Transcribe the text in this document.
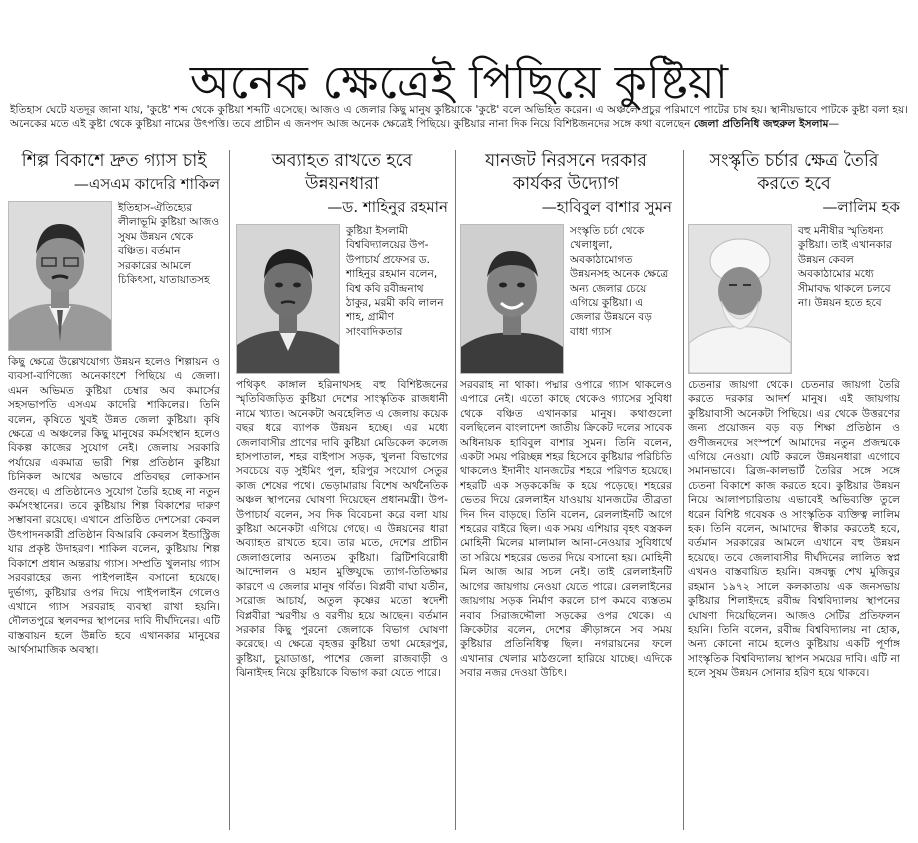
অনেক ক্ষেত্রেই পিছিয়ে কুষ্টিয়া

ইতিহাস ঘেটে যতদূর জানা যায়, 'কুষ্টে' শব্দ থেকে কুষ্টিয়া শব্দটি এসেছে। আজও এ জেলার কিছু মানুষ কুষ্টিয়াকে 'কুষ্টে' বলে অভিহিত করেন। এ অঞ্চলে প্রচুর পরিমাণে পাটের চাষ হয়। স্থানীয়ভাবে পাটকে কুষ্টা বলা হয়। অনেকের মতে এই কুষ্টা থেকে কুষ্টিয়া নামের উৎপত্তি। তবে প্রাচীন এ জনপদ আজ অনেক ক্ষেত্রেই পিছিয়ে। কুষ্টিয়ার নানা দিক নিয়ে বিশিষ্টজনদের সঙ্গে কথা বলেছেন জেলা প্রতিনিধি জহুরুল ইসলাম—

শিল্প বিকাশে দ্রুত গ্যাস চাই

—এসএম কাদেরি শাকিল

ইতিহাস-ঐতিহ্যের লীলাভূমি কুষ্টিয়া আজও সুষম উন্নয়ন থেকে বঞ্চিত। বর্তমান সরকারের আমলে চিকিৎসা, যাতায়াতসহ

কিছু ক্ষেত্রে উল্লেখযোগ্য উন্নয়ন হলেও শিল্পায়ন ও ব্যবসা-বাণিজ্যে অনেকাংশে পিছিয়ে এ জেলা। এমন অভিমত কুষ্টিয়া চেম্বার অব কমার্সের সহসভাপতি এসএম কাদেরি শাকিলের। তিনি বলেন, কৃষিতে খুবই উন্নত জেলা কুষ্টিয়া। কৃষি ক্ষেত্রে এ অঞ্চলের কিছু মানুষের কর্মসংস্থান হলেও বিকল্প কাজের সুযোগ নেই। জেলায় সরকারি পর্যায়ের একমাত্র ভারী শিল্প প্রতিষ্ঠান কুষ্টিয়া চিনিকল আখের অভাবে প্রতিবছর লোকসান গুনছে। এ প্রতিষ্ঠানেও সুযোগ তৈরি হচ্ছে না নতুন কর্মসংস্থানের। তবে কুষ্টিয়ায় শিল্প বিকাশের দারুণ সম্ভাবনা রয়েছে। এখানে প্রতিষ্ঠিত দেশসেরা কেবল উৎপাদনকারী প্রতিষ্ঠান বিআরবি কেবলস ইন্ডাস্ট্রিজ যার প্রকৃষ্ট উদাহরণ। শাকিল বলেন, কুষ্টিয়ায় শিল্প বিকাশে প্রধান অন্তরায় গ্যাস। সম্প্রতি খুলনায় গ্যাস সরবরাহের জন্য পাইপলাইন বসানো হয়েছে। দুর্ভাগ্য, কুষ্টিয়ার ওপর দিয়ে পাইপলাইন গেলেও এখানে গ্যাস সরবরাহ ব্যবস্থা রাখা হয়নি। দৌলতপুরে স্থলবন্দর স্থাপনের দাবি দীর্ঘদিনের। এটি বাস্তবায়ন হলে উন্নতি হবে এখানকার মানুষের আর্থসামাজিক অবস্থা।

অব্যাহত রাখতে হবে উন্নয়নধারা

—ড. শাহিনুর রহমান

কুষ্টিয়া ইসলামী বিশ্ববিদ্যালয়ের উপ-উপাচার্য প্রফেসর ড. শাহিনুর রহমান বলেন, বিশ্ব কবি রবীন্দ্রনাথ ঠাকুর, মরমী কবি লালন শাহ, গ্রামীণ সাংবাদিকতার

পথিকৃৎ কাঙ্গাল হরিনাথসহ বহু বিশিষ্টজনের স্মৃতিবিজড়িত কুষ্টিয়া দেশের সাংস্কৃতিক রাজধানী নামে খ্যাত। অনেকটা অবহেলিত এ জেলায় কয়েক বছর ধরে ব্যাপক উন্নয়ন হচ্ছে। এর মধ্যে জেলাবাসীর প্রাণের দাবি কুষ্টিয়া মেডিকেল কলেজ হাসপাতাল, শহর বাইপাস সড়ক, খুলনা বিভাগের সবচেয়ে বড় সুইমিং পুল, হরিপুর সংযোগ সেতুর কাজ শেষের পথে। ভেড়ামারায় বিশেষ অর্থনৈতিক অঞ্চল স্থাপনের ঘোষণা দিয়েছেন প্রধানমন্ত্রী। উপ-উপাচার্য বলেন, সব দিক বিবেচনা করে বলা যায় কুষ্টিয়া অনেকটা এগিয়ে গেছে। এ উন্নয়নের ধারা অব্যাহত রাখতে হবে। তার মতে, দেশের প্রাচীন জেলাগুলোর অন্যতম কুষ্টিয়া। ব্রিটিশবিরোধী আন্দোলন ও মহান মুক্তিযুদ্ধে ত্যাগ-তিতিক্ষার কারণে এ জেলার মানুষ গর্বিত। বিপ্লবী বাঘা যতীন, সরোজ আচার্য, অতুল কৃষ্ণের মতো স্বদেশী বিপ্লবীরা স্মরণীয় ও বরণীয় হয়ে আছেন। বর্তমান সরকার কিছু পুরনো জেলাকে বিভাগ ঘোষণা করেছে। এ ক্ষেত্রে বৃহত্তর কুষ্টিয়া তথা মেহেরপুর, কুষ্টিয়া, চুয়াডাঙা, পাশের জেলা রাজবাড়ী ও ঝিনাইদহ নিয়ে কুষ্টিয়াকে বিভাগ করা যেতে পারে।

যানজট নিরসনে দরকার কার্যকর উদ্যোগ

—হাবিবুল বাশার সুমন

সংস্কৃতি চর্চা থেকে খেলাধুলা, অবকাঠামোগত উন্নয়নসহ অনেক ক্ষেত্রে অন্য জেলার চেয়ে এগিয়ে কুষ্টিয়া। এ জেলার উন্নয়নে বড় বাধা গ্যাস

সরবরাহ না থাকা। পদ্মার ওপারে গ্যাস থাকলেও এপারে নেই। এতো কাছে থেকেও গ্যাসের সুবিধা থেকে বঞ্চিত এখানকার মানুষ। কথাগুলো বলছিলেন বাংলাদেশ জাতীয় ক্রিকেট দলের সাবেক অধিনায়ক হাবিবুল বাশার সুমন। তিনি বলেন, একটা সময় পরিচ্ছন্ন শহর হিসেবে কুষ্টিয়ার পরিচিতি থাকলেও ইদানীং যানজটের শহরে পরিণত হয়েছে। শহরটি এক সড়ককেন্দ্রি ক হয়ে পড়েছে। শহরের ভেতর দিয়ে রেললাইন যাওয়ায় যানজটের তীব্রতা দিন দিন বাড়ছে। তিনি বলেন, রেললাইনটি আগে শহরের বাইরে ছিল। এক সময় এশিয়ার বৃহৎ বস্ত্রকল মোহিনী মিলের মালামাল আনা-নেওয়ার সুবিধার্থে তা সরিয়ে শহরের ভেতর দিয়ে বসানো হয়। মোহিনী মিল আজ আর সচল নেই। তাই রেললাইনটি আগের জায়গায় নেওয়া যেতে পারে। রেললাইনের জায়গায় সড়ক নির্মাণ করলে চাপ কমবে ব্যস্ততম নবাব সিরাজদ্দৌলা সড়কের ওপর থেকে। এ ক্রিকেটার বলেন, দেশের ক্রীড়াঙ্গনে সব সময় কুষ্টিয়ার প্রতিনিধিত্ব ছিল। নগরায়নের ফলে এখানার খেলার মাঠগুলো হারিয়ে যাচ্ছে। এদিকে সবার নজর দেওয়া উচিৎ।

সংস্কৃতি চর্চার ক্ষেত্র তৈরি করতে হবে

—লালিম হক

বহু মনীষীর স্মৃতিধন্য কুষ্টিয়া। তাই এখানকার উন্নয়ন কেবল অবকাঠামোর মধ্যে সীমাবদ্ধ থাকলে চলবে না। উন্নয়ন হতে হবে

চেতনার জায়গা থেকে। চেতনার জায়গা তৈরি করতে দরকার আদর্শ মানুষ। এই জায়গায় কুষ্টিয়াবাসী অনেকটা পিছিয়ে। এর থেকে উত্তরণের জন্য প্রয়োজন বড় বড় শিক্ষা প্রতিষ্ঠান ও গুণীজনদের সংস্পর্শে আমাদের নতুন প্রজন্মকে এগিয়ে নেওয়া। যেটি করলে উন্নয়নধারা এগোবে সমানভাবে। ব্রিজ-কালভার্ট তৈরির সঙ্গে সঙ্গে চেতনা বিকাশে কাজ করতে হবে। কুষ্টিয়ার উন্নয়ন নিয়ে আলাপচারিতায় এভাবেই অভিব্যক্তি তুলে ধরেন বিশিষ্ট গবেষক ও সাংস্কৃতিক ব্যক্তিত্ব লালিম হক। তিনি বলেন, আমাদের স্বীকার করতেই হবে, বর্তমান সরকারের আমলে এখানে বহু উন্নয়ন হয়েছে। তবে জেলাবাসীর দীর্ঘদিনের লালিত স্বপ্ন এখনও বাস্তবায়িত হয়নি। বঙ্গবন্ধু শেখ মুজিবুর রহমান ১৯৭২ সালে কলকাতায় এক জনসভায় কুষ্টিয়ার শিলাইদহে রবীন্দ্র বিশ্ববিদ্যালয় স্থাপনের ঘোষণা দিয়েছিলেন। আজও সেটির প্রতিফলন হয়নি। তিনি বলেন, রবীন্দ্র বিশ্ববিদ্যালয় না হোক, অন্য কোনো নামে হলেও কুষ্টিয়ায় একটি পূর্ণাঙ্গ সাংস্কৃতিক বিশ্ববিদ্যালয় স্থাপন সময়ের দাবি। এটি না হলে সুষম উন্নয়ন সোনার হরিণ হয়ে থাকবে।
